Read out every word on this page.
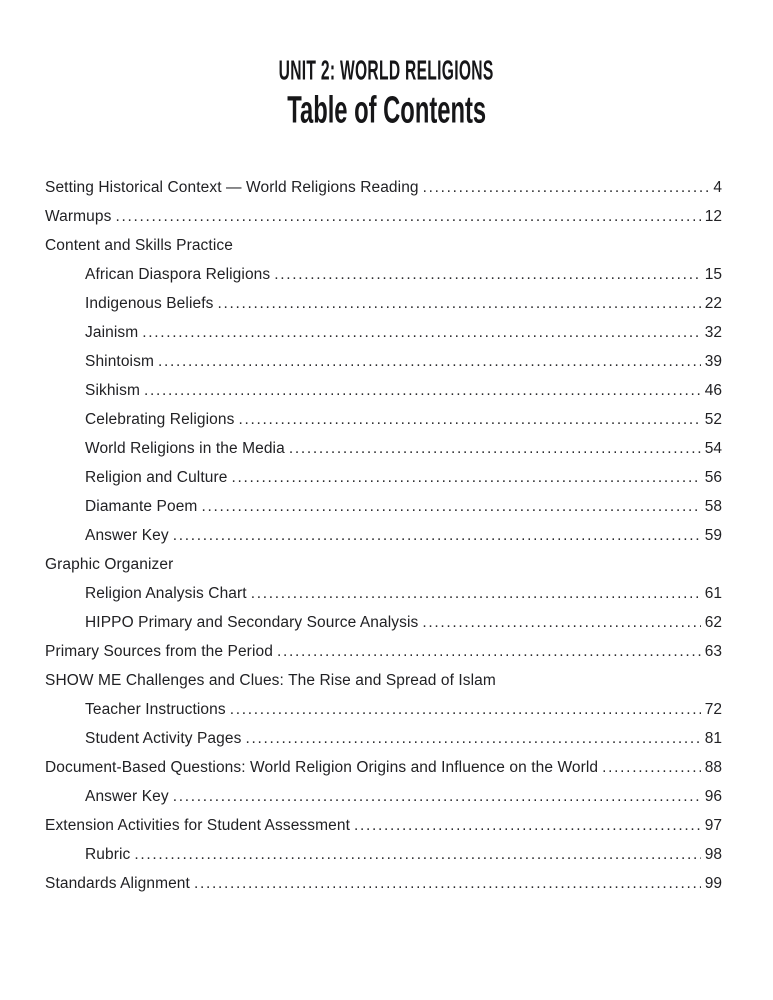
UNIT 2: WORLD RELIGIONS
Table of Contents
Setting Historical Context — World Religions Reading .....	4
Warmups .....	12
Content and Skills Practice
African Diaspora Religions .....	15
Indigenous Beliefs .....	22
Jainism .....	32
Shintoism .....	39
Sikhism .....	46
Celebrating Religions .....	52
World Religions in the Media .....	54
Religion and Culture .....	56
Diamante Poem .....	58
Answer Key .....	59
Graphic Organizer
Religion Analysis Chart .....	61
HIPPO Primary and Secondary Source Analysis .....	62
Primary Sources from the Period .....	63
SHOW ME Challenges and Clues: The Rise and Spread of Islam
Teacher Instructions .....	72
Student Activity Pages .....	81
Document-Based Questions: World Religion Origins and Influence on the World .....	88
Answer Key .....	96
Extension Activities for Student Assessment .....	97
Rubric .....	98
Standards Alignment .....	99
